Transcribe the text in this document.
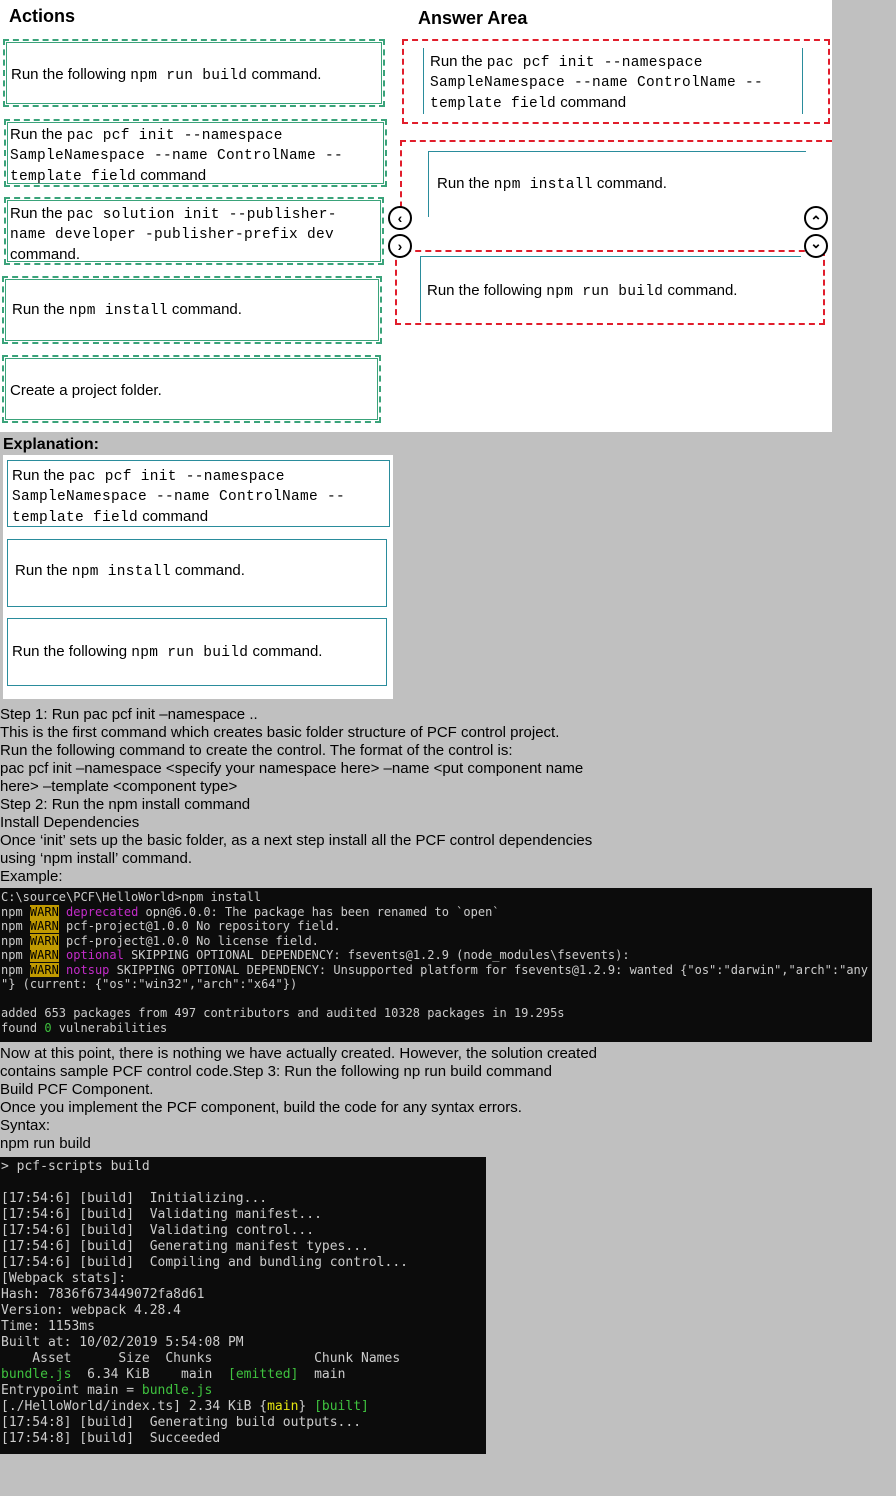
Actions	Answer Area
Run the following npm run build command.
Run the pac pcf init --namespace
SampleNamespace --name ControlName --
template field command
Run the pac solution init --publisher-
name developer -publisher-prefix dev
command.
Run the npm install command.
Create a project folder.
Run the pac pcf init --namespace
SampleNamespace --name ControlName --
template field command
Run the npm install command.
Run the following npm run build command.
‹
›
⌃
⌄
Explanation:
Run the pac pcf init --namespace
SampleNamespace --name ControlName --
template field command
Run the npm install command.
Run the following npm run build command.
Step 1: Run pac pcf init –namespace ..
This is the first command which creates basic folder structure of PCF control project.
Run the following command to create the control. The format of the control is:
pac pcf init –namespace <specify your namespace here> –name <put component name
here> –template <component type>
Step 2: Run the npm install command
Install Dependencies
Once ‘init’ sets up the basic folder, as a next step install all the PCF control dependencies
using ‘npm install’ command.
Example:
C:\source\PCF\HelloWorld>npm install
npm WARN deprecated opn@6.0.0: The package has been renamed to `open`
npm WARN pcf-project@1.0.0 No repository field.
npm WARN pcf-project@1.0.0 No license field.
npm WARN optional SKIPPING OPTIONAL DEPENDENCY: fsevents@1.2.9 (node_modules\fsevents):
npm WARN notsup SKIPPING OPTIONAL DEPENDENCY: Unsupported platform for fsevents@1.2.9: wanted {"os":"darwin","arch":"any
"} (current: {"os":"win32","arch":"x64"})

added 653 packages from 497 contributors and audited 10328 packages in 19.295s
found 0 vulnerabilities
Now at this point, there is nothing we have actually created. However, the solution created
contains sample PCF control code.Step 3: Run the following np run build command
Build PCF Component.
Once you implement the PCF component, build the code for any syntax errors.
Syntax:
npm run build
> pcf-scripts build

[17:54:6] [build]  Initializing...
[17:54:6] [build]  Validating manifest...
[17:54:6] [build]  Validating control...
[17:54:6] [build]  Generating manifest types...
[17:54:6] [build]  Compiling and bundling control...
[Webpack stats]:
Hash: 7836f673449072fa8d61
Version: webpack 4.28.4
Time: 1153ms
Built at: 10/02/2019 5:54:08 PM
Asset      Size  Chunks             Chunk Names
bundle.js  6.34 KiB    main  [emitted]  main
Entrypoint main = bundle.js
[./HelloWorld/index.ts] 2.34 KiB {main} [built]
[17:54:8] [build]  Generating build outputs...
[17:54:8] [build]  Succeeded
